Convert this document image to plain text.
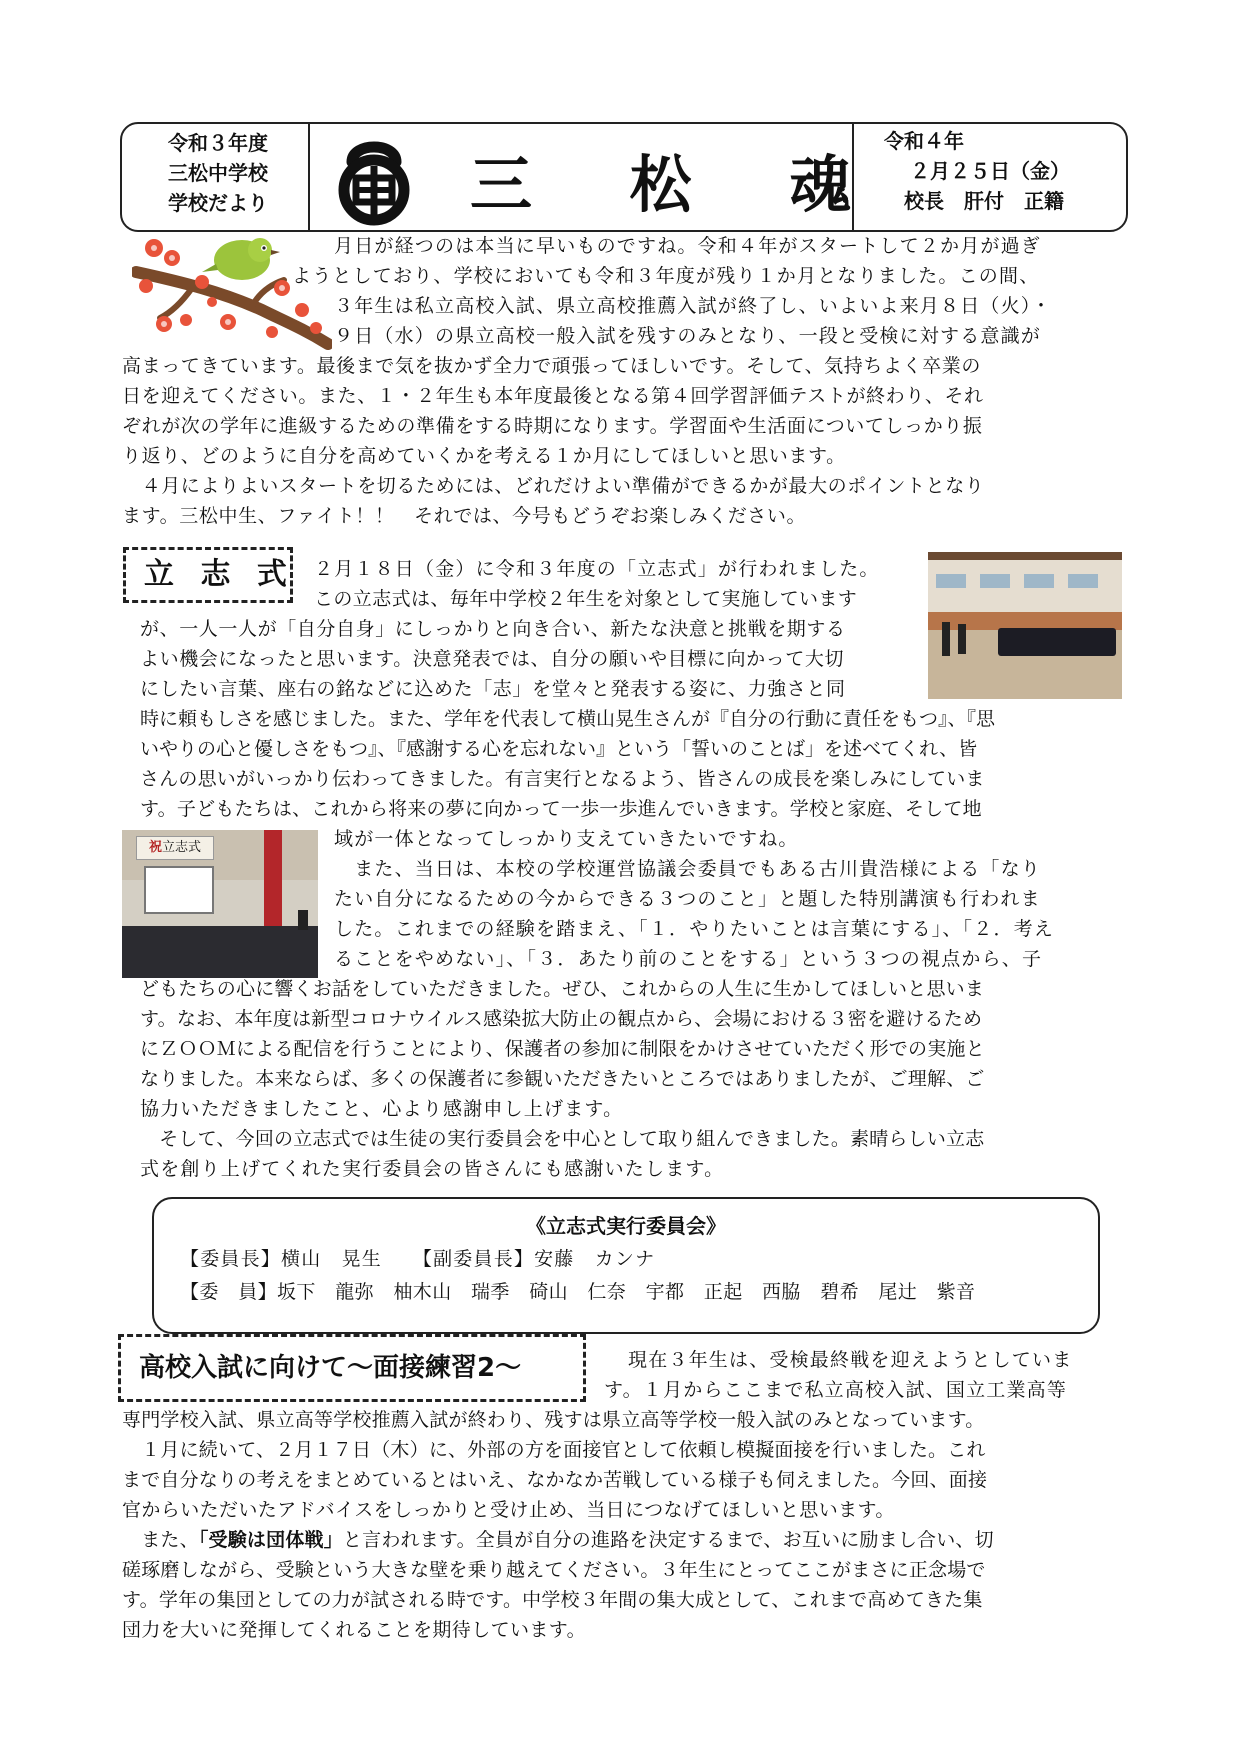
令和３年度
三松中学校
学校だより	三 松 魂
令和４年
２月２５日（金）
校長　肝付　正籍

月日が経つのは本当に早いものですね。令和４年がスタートして２か月が過ぎ

ようとしており、学校においても令和３年度が残り１か月となりました。この間、

３年生は私立高校入試、県立高校推薦入試が終了し、いよいよ来月８日（火）・

９日（水）の県立高校一般入試を残すのみとなり、一段と受検に対する意識が

高まってきています。最後まで気を抜かず全力で頑張ってほしいです。そして、気持ちよく卒業の

日を迎えてください。また、１・２年生も本年度最後となる第４回学習評価テストが終わり、それ

ぞれが次の学年に進級するための準備をする時期になります。学習面や生活面についてしっかり振

り返り、どのように自分を高めていくかを考える１か月にしてほしいと思います。

　４月によりよいスタートを切るためには、どれだけよい準備ができるかが最大のポイントとなり

ます。三松中生、ファイト！！　それでは、今号もどうぞお楽しみください。

立 志 式 ２月１８日（金）に令和３年度の「立志式」が行われました。

この立志式は、毎年中学校２年生を対象として実施しています

が、一人一人が「自分自身」にしっかりと向き合い、新たな決意と挑戦を期する

よい機会になったと思います。決意発表では、自分の願いや目標に向かって大切

にしたい言葉、座右の銘などに込めた「志」を堂々と発表する姿に、力強さと同

時に頼もしさを感じました。また、学年を代表して横山晃生さんが『自分の行動に責任をもつ』、『思

いやりの心と優しさをもつ』、『感謝する心を忘れない』という「誓いのことば」を述べてくれ、皆

さんの思いがいっかり伝わってきました。有言実行となるよう、皆さんの成長を楽しみにしていま

す。子どもたちは、これから将来の夢に向かって一歩一歩進んでいきます。学校と家庭、そして地

域が一体となってしっかり支えていきたいですね。

祝立志式

　また、当日は、本校の学校運営協議会委員でもある古川貴浩様による「なり

たい自分になるための今からできる３つのこと」と題した特別講演も行われま

した。これまでの経験を踏まえ、「１．やりたいことは言葉にする」、「２．考え

ることをやめない」、「３．あたり前のことをする」という３つの視点から、子

どもたちの心に響くお話をしていただきました。ぜひ、これからの人生に生かしてほしいと思いま

す。なお、本年度は新型コロナウイルス感染拡大防止の観点から、会場における３密を避けるため

にＺＯＯＭによる配信を行うことにより、保護者の参加に制限をかけさせていただく形での実施と

なりました。本来ならば、多くの保護者に参観いただきたいところではありましたが、ご理解、ご

協力いただきましたこと、心より感謝申し上げます。

　そして、今回の立志式では生徒の実行委員会を中心として取り組んできました。素晴らしい立志

式を創り上げてくれた実行委員会の皆さんにも感謝いたします。

《立志式実行委員会》

【委員長】横山　晃生　　【副委員長】安藤　カンナ

【委　員】坂下　龍弥　柚木山　瑞季　碕山　仁奈　宇都　正起　西脇　碧希　尾辻　紫音

高校入試に向けて～面接練習2～	現在３年生は、受検最終戦を迎えようとしていま

す。１月からここまで私立高校入試、国立工業高等

専門学校入試、県立高等学校推薦入試が終わり、残すは県立高等学校一般入試のみとなっています。

　１月に続いて、２月１７日（木）に、外部の方を面接官として依頼し模擬面接を行いました。これ

まで自分なりの考えをまとめているとはいえ、なかなか苦戦している様子も伺えました。今回、面接

官からいただいたアドバイスをしっかりと受け止め、当日につなげてほしいと思います。

　また、「受験は団体戦」と言われます。全員が自分の進路を決定するまで、お互いに励まし合い、切

磋琢磨しながら、受験という大きな壁を乗り越えてください。３年生にとってここがまさに正念場で

す。学年の集団としての力が試される時です。中学校３年間の集大成として、これまで高めてきた集

団力を大いに発揮してくれることを期待しています。
